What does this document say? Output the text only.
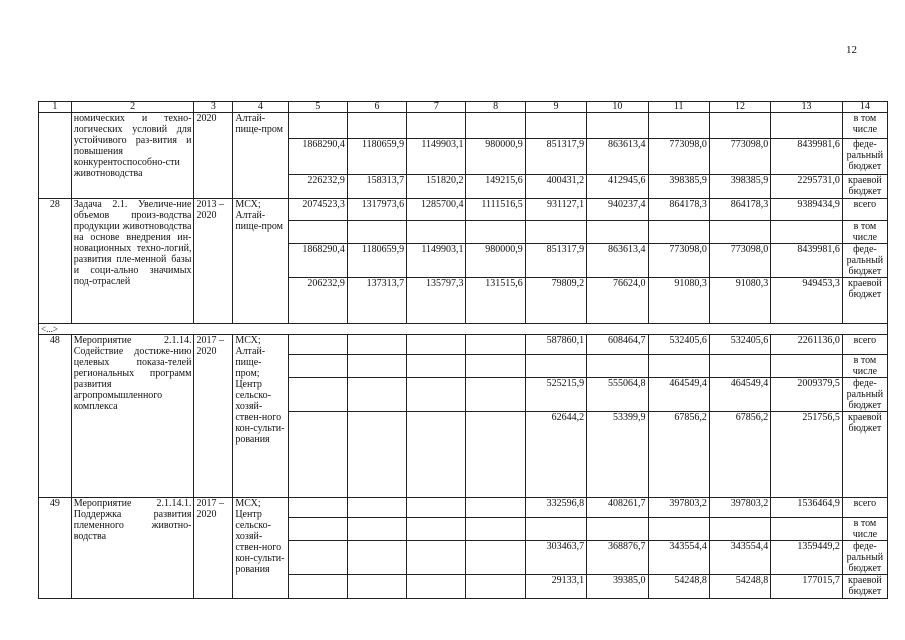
12
1	2	3	4	5	6	7	8	9	10	11	12	13	14
	номических и техно-логических условий для устойчивого раз-вития и повышения конкурентоспособно-сти животноводства	2020	Алтай-пище-пром										в том числе
				1868290,4	1180659,9	1149903,1	980000,9	851317,9	863613,4	773098,0	773098,0	8439981,6	феде-ральный бюджет
				226232,9	158313,7	151820,2	149215,6	400431,2	412945,6	398385,9	398385,9	2295731,0	краевой бюджет
28	Задача 2.1. Увеличе-ние объемов произ-водства продукции животноводства на основе внедрения ин-новационных техно-логий, развития пле-менной базы и соци-ально значимых под-отраслей	2013 – 2020	МСХ; Алтай-пище-пром	2074523,3	1317973,6	1285700,4	1111516,5	931127,1	940237,4	864178,3	864178,3	9389434,9	всего
													в том числе
				1868290,4	1180659,9	1149903,1	980000,9	851317,9	863613,4	773098,0	773098,0	8439981,6	феде-ральный бюджет
				206232,9	137313,7	135797,3	131515,6	79809,2	76624,0	91080,3	91080,3	949453,3	краевой бюджет
<...>													
48	Мероприятие 2.1.14. Содействие достиже-нию целевых показа-телей региональных программ развития агропромышленного комплекса	2017 – 2020	МСХ; Алтай-пище-пром; Центр сельско-хозяй-ствен-ного кон-сульти-рования					587860,1	608464,7	532405,6	532405,6	2261136,0	всего
													в том числе
								525215,9	555064,8	464549,4	464549,4	2009379,5	феде-ральный бюджет
								62644,2	53399,9	67856,2	67856,2	251756,5	краевой бюджет
49	Мероприятие 2.1.14.1. Поддержка развития племенного животно-водства	2017 – 2020	МСХ; Центр сельско-хозяй-ствен-ного кон-сульти-рования					332596,8	408261,7	397803,2	397803,2	1536464,9	всего
													в том числе
								303463,7	368876,7	343554,4	343554,4	1359449,2	феде-ральный бюджет
								29133,1	39385,0	54248,8	54248,8	177015,7	краевой бюджет
